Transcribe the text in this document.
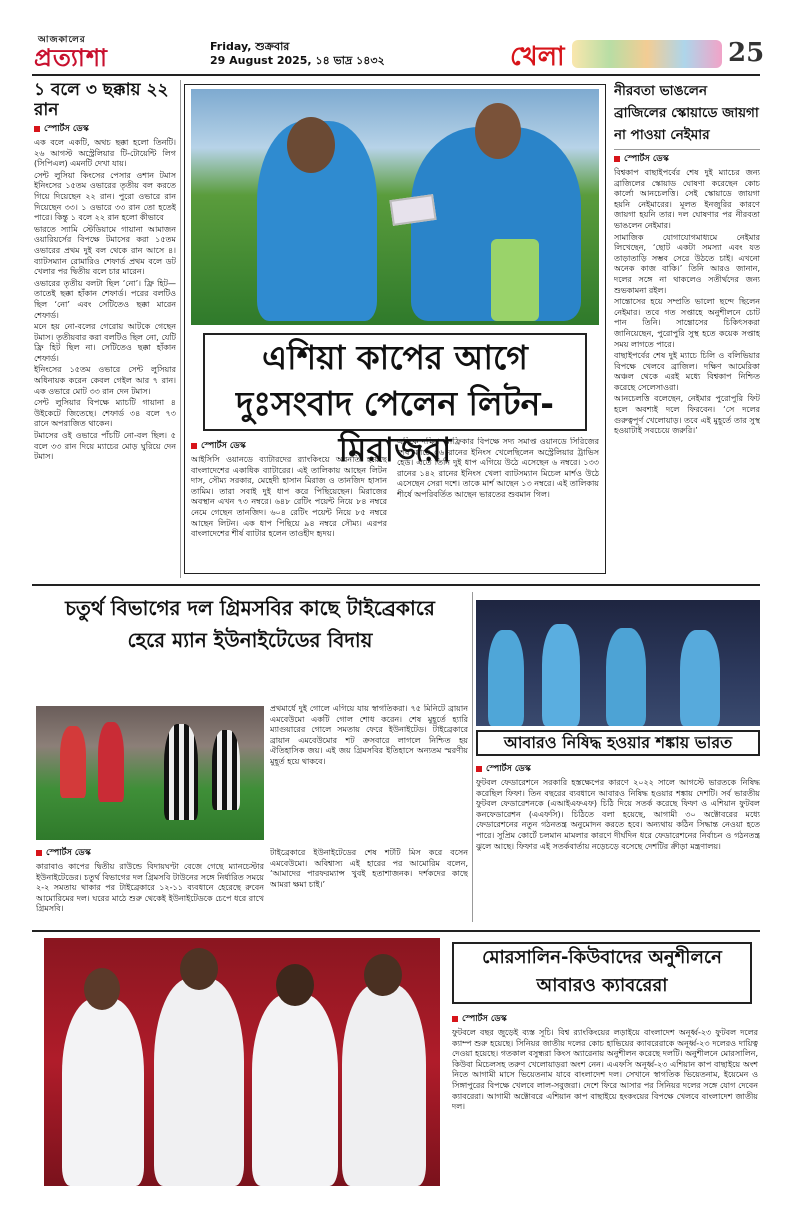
আজকালের
প্রত্যাশা	Friday, শুক্রবার
29 August 2025, ১৪ ভাদ্র ১৪৩২	খেলা	25
১ বলে ৩ ছক্কায় ২২ রান
স্পোর্টস ডেস্ক

এক বলে একটি, অথচ ছক্কা হলো তিনটি। ২৬ আগস্ট অস্ট্রেলিয়ার টি-টোয়েন্টি লিগ (সিপিএল) এমনটি দেখা যায়।

সেন্ট লুসিয়া কিংসের পেসার ওশান টমাস ইনিংসের ১৫তম ওভারের তৃতীয় বল করতে গিয়ে দিয়েছেন ২২ রান। পুরো ওভারে রান দিয়েছেন ৩৩। ১ ওভারে ৩৩ রান তো হতেই পারে। কিন্তু ১ বলে ২২ রান হলো কীভাবে

ভারতে স্যামি স্টেডিয়ামে গায়ানা আমাজন ওয়ারিয়র্সের বিপক্ষে টমাসের করা ১৫তম ওভারের প্রথম দুই বল থেকে রান আসে ৪। ব্যাটসম্যান রোমারিও শেফার্ড প্রথম বলে ডট খেলার পর দ্বিতীয় বলে চার মারেন।

ওভারের তৃতীয় বলটা ছিল ‘নো’। ফ্রি হিট—তাতেই ছক্কা হাঁকান শেফার্ড। পরের বলটিও ছিল ‘নো’ এবং সেটিতেও ছক্কা মারেন শেফার্ড।

মনে হয় নো-বলের গেরোয় আটকে গেছেন টমাস। তৃতীয়বার করা বলটিও ছিল নো, যেটি ফ্রি হিট ছিল না। সেটিতেও ছক্কা হাঁকান শেফার্ড।

ইনিংসের ১৫তম ওভারে সেন্ট লুসিয়ার অধিনায়ক করেন কেবল গেইল আর ৭ রান। এক ওভারে মোট ৩৩ রান দেন টমাস।

সেন্ট লুসিয়ার বিপক্ষে ম্যাচটি গায়ানা ৪ উইকেটে জিতেছে। শেফার্ড ৩৪ বলে ৭৩ রানে অপরাজিত থাকেন।

টমাসের ওই ওভারে পাঁচটি নো-বল ছিল। ৫ বলে ৩৩ রান দিয়ে ম্যাচের মোড় ঘুরিয়ে দেন টমাস।

এশিয়া কাপের আগে দুঃসংবাদ পেলেন লিটন-মিরাজরা
স্পোর্টস ডেস্ক

আইসিসি ওয়ানডে ব্যাটারদের র‍্যাংকিংয়ে অবনতি হয়েছে বাংলাদেশের একাধিক ব্যাটারের। এই তালিকায় আছেন লিটন দাস, সৌম্য সরকার, মেহেদী হাসান মিরাজ ও তানজিদ হাসান তামিম। তারা সবাই দুই ধাপ করে পিছিয়েছেন। মিরাজের অবস্থান এখন ৭৩ নম্বরে। ৬৪৮ রেটিং পয়েন্ট নিয়ে ৮৪ নম্বরে নেমে গেছেন তানজিদ। ৬০৪ রেটিং পয়েন্ট নিয়ে ৮৫ নম্বরে আছেন লিটন। এক ধাপ পিছিয়ে ৯৪ নম্বরে সৌম্য। এরপর বাংলাদেশের শীর্ষ ব্যাটার হলেন তাওহীদ হৃদয়।

এদিকে দক্ষিণ আফ্রিকার বিপক্ষে সদ্য সমাপ্ত ওয়ানডে সিরিজের শেষ ম্যাচে ৫৬ রানের ইনিংস খেলেছিলেন অস্ট্রেলিয়ার ট্রাভিস হেড। এতে তিনি দুই ধাপ এগিয়ে উঠে এসেছেন ৬ নম্বরে। ১৩৩ রানের ১৪২ রানের ইনিংস খেলা ব্যাটসম্যান মিচেল মার্শও উঠে এসেছেন সেরা দশে। তাকে মার্শ আছেন ১৩ নম্বরে। এই তালিকায় শীর্ষে অপরিবর্তিত আছেন ভারতের শুবমান গিল।

নীরবতা ভাঙলেন ব্রাজিলের স্কোয়াডে জায়গা না পাওয়া নেইমার
স্পোর্টস ডেস্ক

বিশ্বকাপ বাছাইপর্বের শেষ দুই ম্যাচের জন্য ব্রাজিলের স্কোয়াড ঘোষণা করেছেন কোচ কার্লো আনচেলত্তি। সেই স্কোয়াডে জায়গা হয়নি নেইমারের। মূলত ইনজুরির কারণে জায়গা হয়নি তার। দল ঘোষণার পর নীরবতা ভাঙলেন নেইমার।

সামাজিক যোগাযোগমাধ্যমে নেইমার লিখেছেন, ‘ছোট একটা সমস্যা এবং যত তাড়াতাড়ি সম্ভব সেরে উঠতে চাই। এখনো অনেক কাজ বাকি।’ তিনি আরও জানান, দলের সঙ্গে না থাকলেও সতীর্থদের জন্য শুভকামনা রইল।

সান্তোসের হয়ে সম্প্রতি ভালো ছন্দে ছিলেন নেইমার। তবে গত সপ্তাহে অনুশীলনে চোট পান তিনি। সান্তোসের চিকিৎসকরা জানিয়েছেন, পুরোপুরি সুস্থ হতে কয়েক সপ্তাহ সময় লাগতে পারে।

বাছাইপর্বের শেষ দুই ম্যাচে চিলি ও বলিভিয়ার বিপক্ষে খেলবে ব্রাজিল। দক্ষিণ আমেরিকা অঞ্চল থেকে এরই মধ্যে বিশ্বকাপ নিশ্চিত করেছে সেলেসাওরা।

আনচেলত্তি বলেছেন, নেইমার পুরোপুরি ফিট হলে অবশ্যই দলে ফিরবেন। ‘সে দলের গুরুত্বপূর্ণ খেলোয়াড়। তবে এই মুহূর্তে তার সুস্থ হওয়াটাই সবচেয়ে জরুরি।’

চতুর্থ বিভাগের দল গ্রিমসবির কাছে টাইব্রেকারে
হেরে ম্যান ইউনাইটেডের বিদায়

প্রথমার্ধে দুই গোলে এগিয়ে যায় স্বাগতিকরা। ৭৫ মিনিটে ব্রায়ান এমবেউমো একটি গোল শোধ করেন। শেষ মুহূর্তে হ্যারি ম্যাগুয়ারের গোলে সমতায় ফেরে ইউনাইটেড। টাইব্রেকারে ব্রায়ান এমবেউমোর শট ক্রসবারে লাগলে নিশ্চিত হয় ঐতিহাসিক জয়। এই জয় গ্রিমসবির ইতিহাসে অন্যতম স্মরণীয় মুহূর্ত হয়ে থাকবে।

স্পোর্টস ডেস্ক

কারাবাও কাপের দ্বিতীয় রাউন্ডে বিদায়ঘণ্টা বেজে গেছে ম্যানচেস্টার ইউনাইটেডের। চতুর্থ বিভাগের দল গ্রিমসবি টাউনের সঙ্গে নির্ধারিত সময়ে ২-২ সমতায় থাকার পর টাইব্রেকারে ১২-১১ ব্যবধানে হেরেছে রুবেন আমোরিমের দল। ঘরের মাঠে শুরু থেকেই ইউনাইটেডকে চেপে ধরে রাখে গ্রিমসবি।

টাইব্রেকারে ইউনাইটেডের শেষ শটটি মিস করে বসেন এমবেউমো। অবিশ্বাস্য এই হারের পর আমোরিম বলেন, ‘আমাদের পারফরম্যান্স খুবই হতাশাজনক। দর্শকদের কাছে আমরা ক্ষমা চাই।’

আবারও নিষিদ্ধ হওয়ার শঙ্কায় ভারত
স্পোর্টস ডেস্ক

ফুটবল ফেডারেশনে সরকারি হস্তক্ষেপের কারণে ২০২২ সালে আগস্টে ভারতকে নিষিদ্ধ করেছিল ফিফা। তিন বছরের ব্যবধানে আবারও নিষিদ্ধ হওয়ার শঙ্কায় দেশটি। সর্ব ভারতীয় ফুটবল ফেডারেশনকে (এআইএফএফ) চিঠি দিয়ে সতর্ক করেছে ফিফা ও এশিয়ান ফুটবল কনফেডারেশন (এএফসি)। চিঠিতে বলা হয়েছে, আগামী ৩০ অক্টোবরের মধ্যে ফেডারেশনের নতুন গঠনতন্ত্র অনুমোদন করতে হবে। অন্যথায় কঠিন সিদ্ধান্ত নেওয়া হতে পারে। সুপ্রিম কোর্টে চলমান মামলার কারণে দীর্ঘদিন ধরে ফেডারেশনের নির্বাচন ও গঠনতন্ত্র ঝুলে আছে। ফিফার এই সতর্কবার্তায় নড়েচড়ে বসেছে দেশটির ক্রীড়া মন্ত্রণালয়।

মোরসালিন-কিউবাদের অনুশীলনে
আবারও ক্যাবরেরা
স্পোর্টস ডেস্ক

ফুটবলে বছর জুড়েই ব্যস্ত সূচি। বিশ্ব র‍্যাংকিংয়ের লড়াইয়ে বাংলাদেশ অনূর্ধ্ব-২৩ ফুটবল দলের ক্যাম্প শুরু হয়েছে। সিনিয়র জাতীয় দলের কোচ হাভিয়ের ক্যাবরেরাকে অনূর্ধ্ব-২৩ দলেরও দায়িত্ব দেওয়া হয়েছে। গতকাল বসুন্ধরা কিংস অ্যারেনায় অনুশীলন করেছে দলটি। অনুশীলনে মোরসালিন, কিউবা মিচেলসহ তরুণ খেলোয়াড়রা অংশ নেন। এএফসি অনূর্ধ্ব-২৩ এশিয়ান কাপ বাছাইয়ে অংশ নিতে আগামী মাসে ভিয়েতনাম যাবে বাংলাদেশ দল। সেখানে স্বাগতিক ভিয়েতনাম, ইয়েমেন ও সিঙ্গাপুরের বিপক্ষে খেলবে লাল-সবুজরা। দেশে ফিরে আসার পর সিনিয়র দলের সঙ্গে যোগ দেবেন ক্যাবরেরা। আগামী অক্টোবরে এশিয়ান কাপ বাছাইয়ে হংকংয়ের বিপক্ষে খেলবে বাংলাদেশ জাতীয় দল।
